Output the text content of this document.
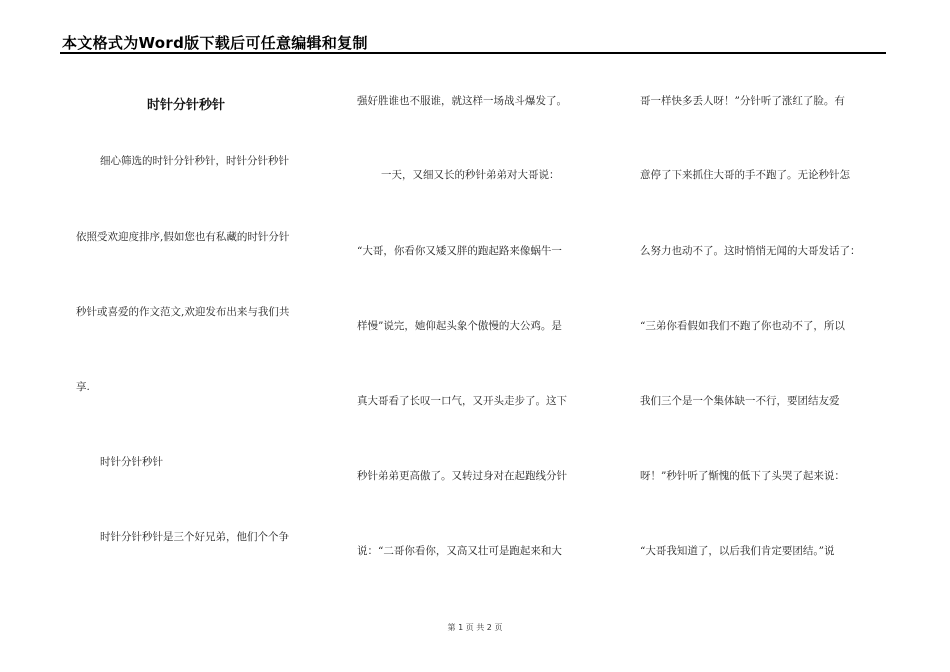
本文格式为Word版下载后可任意编辑和复制
时针分针秒针
细心筛选的时针分针秒针，时针分针秒针
依照受欢迎度排序,假如您也有私藏的时针分针
秒针或喜爱的作文范文,欢迎发布出来与我们共
享.
时针分针秒针
时针分针秒针是三个好兄弟，他们个个争
强好胜谁也不服谁，就这样一场战斗爆发了。
一天，又细又长的秒针弟弟对大哥说：
“大哥，你看你又矮又胖的跑起路来像蜗牛一
样慢”说完，她仰起头象个傲慢的大公鸡。是
真大哥看了长叹一口气，又开头走步了。这下
秒针弟弟更高傲了。又转过身对在起跑线分针
说：“二哥你看你，又高又壮可是跑起来和大
哥一样快多丢人呀！”分针听了涨红了脸。有
意停了下来抓住大哥的手不跑了。无论秒针怎
么努力也动不了。这时悄悄无闻的大哥发话了：
“三弟你看假如我们不跑了你也动不了，所以
我们三个是一个集体缺一不行，要团结友爱
呀！”秒针听了惭愧的低下了头哭了起来说：
“大哥我知道了，以后我们肯定要团结。”说
第 1 页 共 2 页
